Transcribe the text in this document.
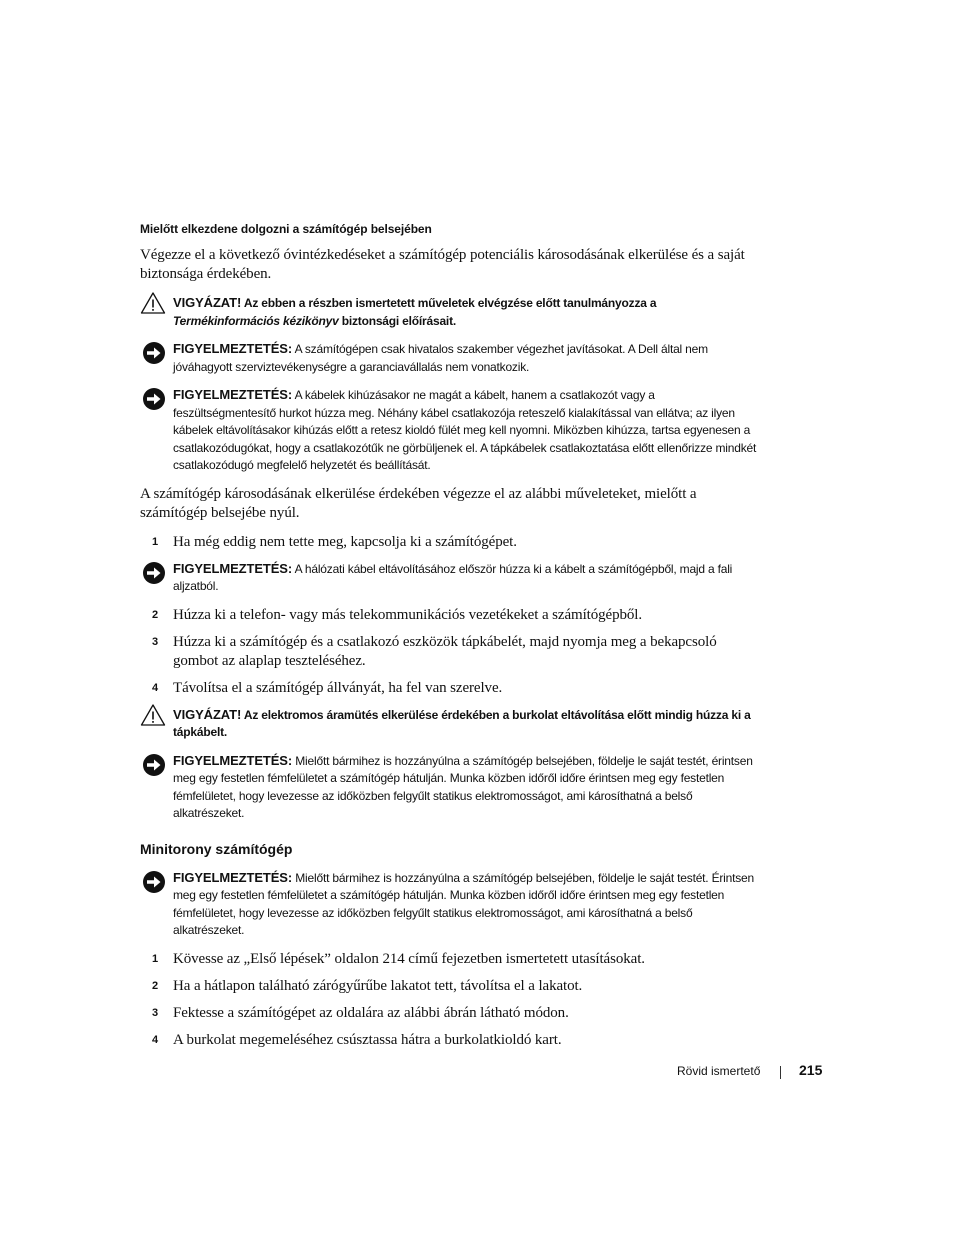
Mielőtt elkezdene dolgozni a számítógép belsejében

Végezze el a következő óvintézkedéseket a számítógép potenciális károsodásának elkerülése és a saját biztonsága érdekében.

VIGYÁZAT! Az ebben a részben ismertetett műveletek elvégzése előtt tanulmányozza a Termékinformációs kézikönyv biztonsági előírásait.
FIGYELMEZTETÉS: A számítógépen csak hivatalos szakember végezhet javításokat. A Dell által nem jóváhagyott szerviztevékenységre a garanciavállalás nem vonatkozik.
FIGYELMEZTETÉS: A kábelek kihúzásakor ne magát a kábelt, hanem a csatlakozót vagy a feszültségmentesítő hurkot húzza meg. Néhány kábel csatlakozója reteszelő kialakítással van ellátva; az ilyen kábelek eltávolításakor kihúzás előtt a retesz kioldó fülét meg kell nyomni. Miközben kihúzza, tartsa egyenesen a csatlakozódugókat, hogy a csatlakozótűk ne görbüljenek el. A tápkábelek csatlakoztatása előtt ellenőrizze mindkét csatlakozódugó megfelelő helyzetét és beállítását.

A számítógép károsodásának elkerülése érdekében végezze el az alábbi műveleteket, mielőtt a számítógép belsejébe nyúl.

1 Ha még eddig nem tette meg, kapcsolja ki a számítógépet.
FIGYELMEZTETÉS: A hálózati kábel eltávolításához először húzza ki a kábelt a számítógépből, majd a fali aljzatból.
2 Húzza ki a telefon- vagy más telekommunikációs vezetékeket a számítógépből.
3 Húzza ki a számítógép és a csatlakozó eszközök tápkábelét, majd nyomja meg a bekapcsoló gombot az alaplap teszteléséhez.
4 Távolítsa el a számítógép állványát, ha fel van szerelve.
VIGYÁZAT! Az elektromos áramütés elkerülése érdekében a burkolat eltávolítása előtt mindig húzza ki a tápkábelt.
FIGYELMEZTETÉS: Mielőtt bármihez is hozzányúlna a számítógép belsejében, földelje le saját testét, érintsen meg egy festetlen fémfelületet a számítógép hátulján. Munka közben időről időre érintsen meg egy festetlen fémfelületet, hogy levezesse az időközben felgyűlt statikus elektromosságot, ami károsíthatná a belső alkatrészeket.
Minitorony számítógép
FIGYELMEZTETÉS: Mielőtt bármihez is hozzányúlna a számítógép belsejében, földelje le saját testét. Érintsen meg egy festetlen fémfelületet a számítógép hátulján. Munka közben időről időre érintsen meg egy festetlen fémfelületet, hogy levezesse az időközben felgyűlt statikus elektromosságot, ami károsíthatná a belső alkatrészeket.
1 Kövesse az „Első lépések” oldalon 214 című fejezetben ismertetett utasításokat.
2 Ha a hátlapon található zárógyűrűbe lakatot tett, távolítsa el a lakatot.
3 Fektesse a számítógépet az oldalára az alábbi ábrán látható módon.
4 A burkolat megemeléséhez csúsztassa hátra a burkolatkioldó kart.
Rövid ismertető	215
